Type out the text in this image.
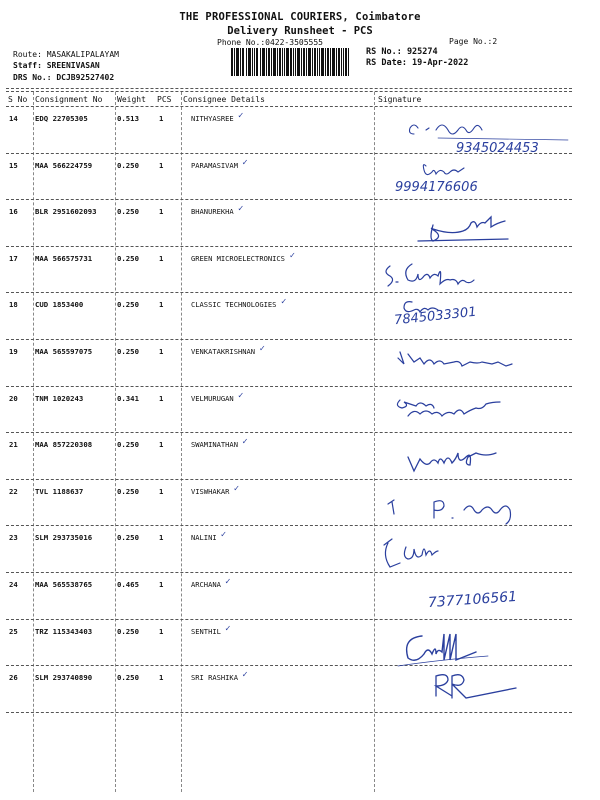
THE PROFESSIONAL COURIERS, Coimbatore
Delivery Runsheet - PCS
Phone No.:0422-3505555	Page No.:2
Route: MASAKALIPALAYAM
Staff: SREENIVASAN
DRS No.: DCJB92527402
RS No.: 925274
RS Date: 19-Apr-2022
S No Consignment No Weight PCS Consignee Details	Signature
14 EDQ 22705305	0.513	1	NITHYASREE ✓
15 MAA 566224759	0.250	1	PARAMASIVAM ✓
16 BLR 2951602093	0.250	1	BHANUREKHA ✓
17 MAA 566575731	0.250	1	GREEN MICROELECTRONICS ✓
18 CUD 1853400	0.250	1	CLASSIC TECHNOLOGIES ✓
19 MAA 565597075	0.250	1	VENKATAKRISHNAN ✓
20 TNM 1020243	0.341	1	VELMURUGAN ✓
21 MAA 857220308	0.250	1	SWAMINATHAN ✓
22 TVL 1188637	0.250	1	VISWHAKAR ✓
23 SLM 293735016	0.250	1	NALINI ✓
24 MAA 565538765	0.465	1	ARCHANA ✓
25 TRZ 115343403	0.250	1	SENTHIL ✓
26 SLM 293740890	0.250	1	SRI RASHIKA ✓
9345024453
9994176606
7845033301
7377106561
